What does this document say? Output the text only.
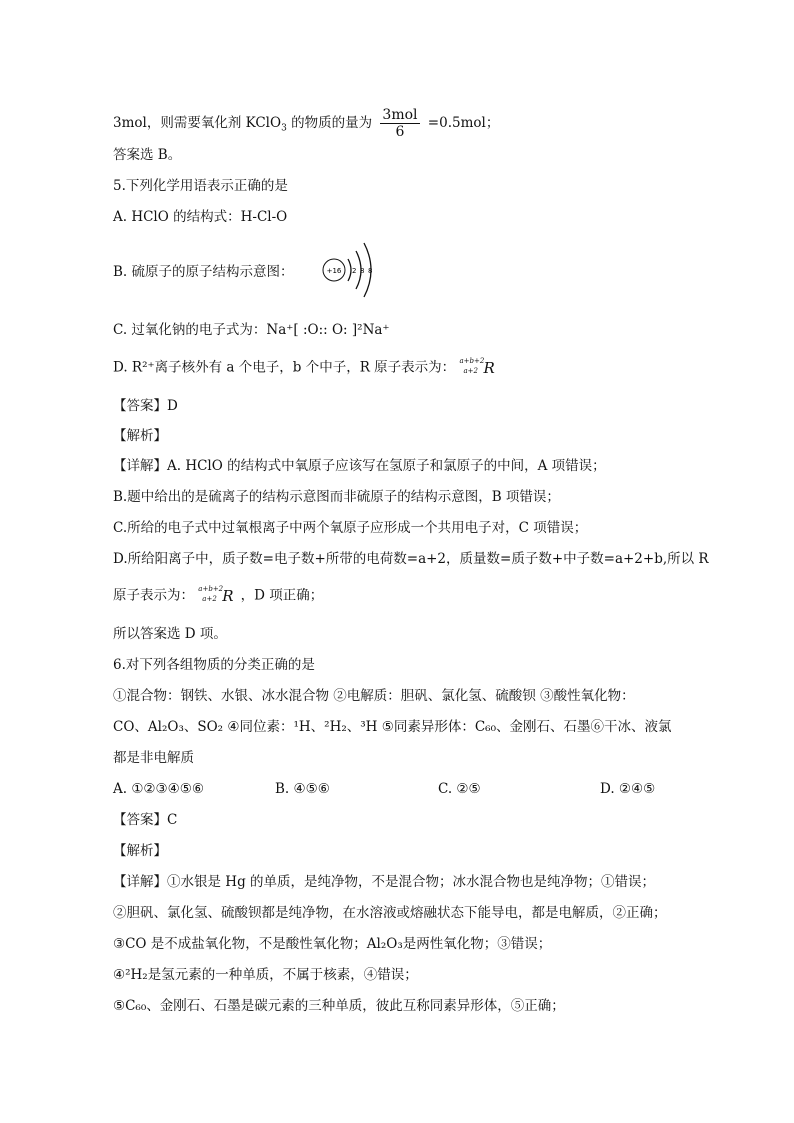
3mol，则需要氧化剂 KClO$_3$ 的物质的量为 $\frac{\text{3mol}}{6} =0.5mol$；
答案选 B。
5.下列化学用语表示正确的是
A. HClO 的结构式：H-Cl-O
B. 硫原子的原子结构示意图：	+16 2 8 8
C. 过氧化钠的电子式为：Na⁺[ :O:: O: ]²Na⁺
D. R²⁺离子核外有 a 个电子，b 个中子，R 原子表示为： a+b+2
a+2 R
【答案】D
【解析】
【详解】A. HClO 的结构式中氧原子应该写在氢原子和氯原子的中间，A 项错误；
B.题中给出的是硫离子的结构示意图而非硫原子的结构示意图，B 项错误；
C.所给的电子式中过氧根离子中两个氧原子应形成一个共用电子对，C 项错误；
D.所给阳离子中，质子数=电子数+所带的电荷数=a+2，质量数=质子数+中子数=a+2+b,所以 R
原子表示为： a+b+2
a+2 R ，D 项正确；
所以答案选 D 项。
6.对下列各组物质的分类正确的是
①混合物：钢铁、水银、冰水混合物 ②电解质：胆矾、氯化氢、硫酸钡 ③酸性氧化物：
CO、Al₂O₃、SO₂ ④同位素：¹H、²H₂、³H ⑤同素异形体：C₆₀、金刚石、石墨⑥干冰、液氯
都是非电解质
A. ①②③④⑤⑥	B. ④⑤⑥	C. ②⑤	D. ②④⑤
【答案】C
【解析】
【详解】①水银是 Hg 的单质，是纯净物，不是混合物；冰水混合物也是纯净物；①错误；
②胆矾、氯化氢、硫酸钡都是纯净物，在水溶液或熔融状态下能导电，都是电解质，②正确；
③CO 是不成盐氧化物，不是酸性氧化物；Al₂O₃是两性氧化物；③错误；
④²H₂是氢元素的一种单质，不属于核素，④错误；
⑤C₆₀、金刚石、石墨是碳元素的三种单质，彼此互称同素异形体，⑤正确；
